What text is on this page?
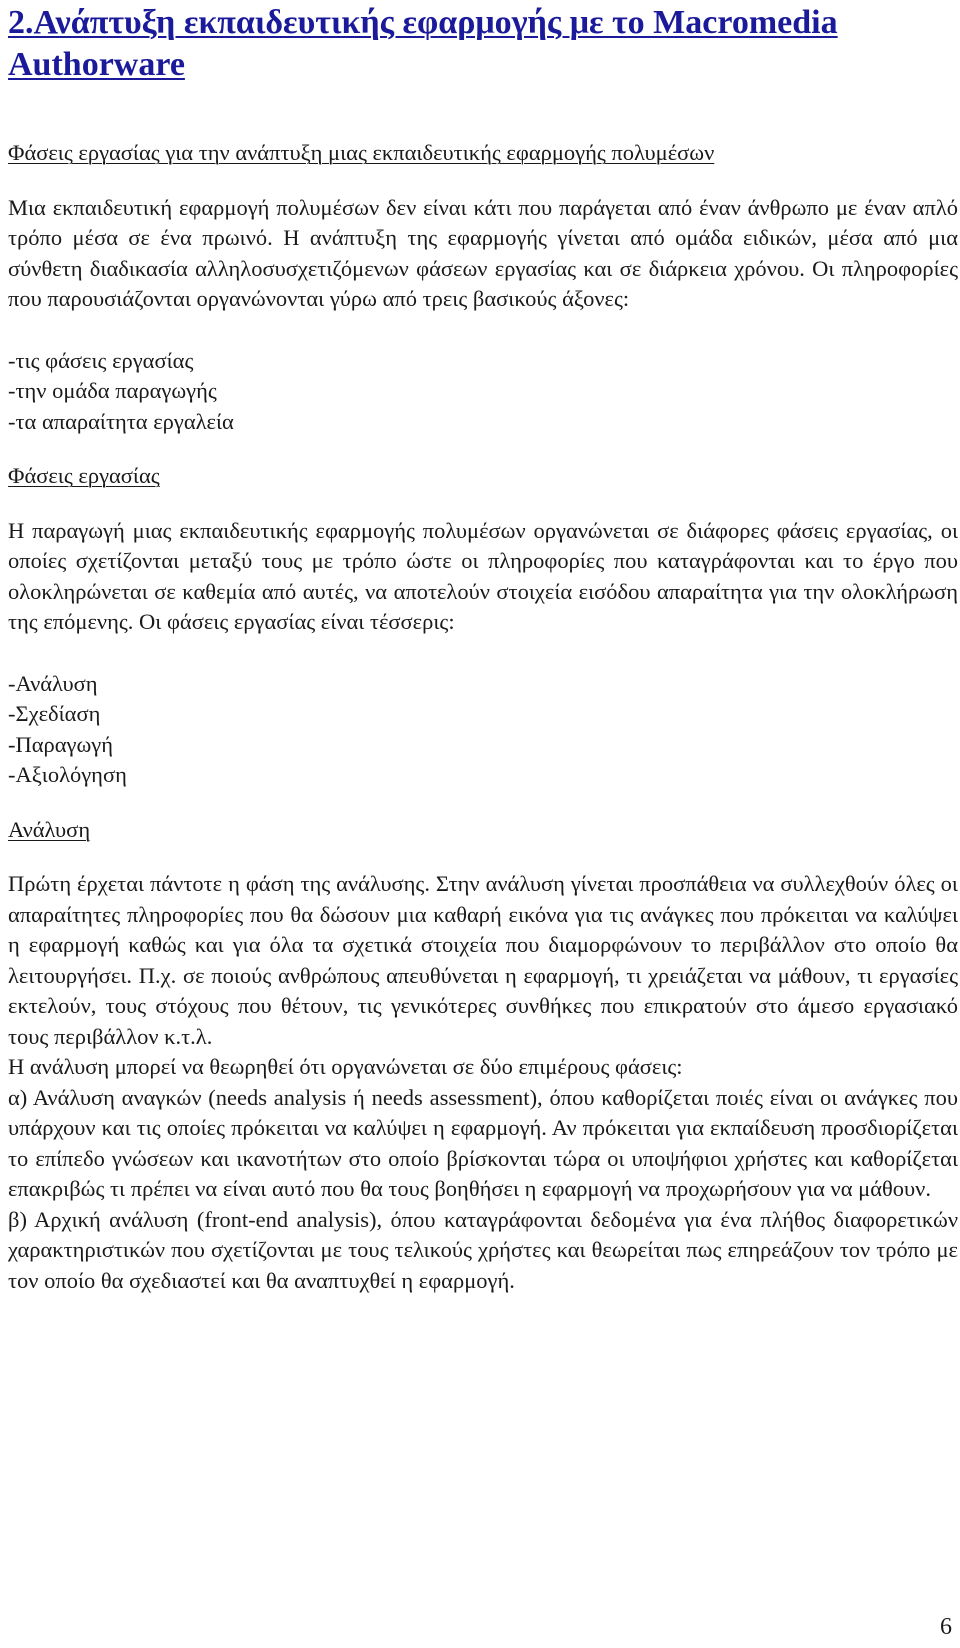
2.Ανάπτυξη εκπαιδευτικής εφαρμογής με το Macromedia Authorware
Φάσεις εργασίας για την ανάπτυξη μιας εκπαιδευτικής εφαρμογής πολυμέσων

Μια εκπαιδευτική εφαρμογή πολυμέσων δεν είναι κάτι που παράγεται από έναν άνθρωπο με έναν απλό τρόπο μέσα σε ένα πρωινό. Η ανάπτυξη της εφαρμογής γίνεται από ομάδα ειδικών, μέσα από μια σύνθετη διαδικασία αλληλοσυσχετιζόμενων φάσεων εργασίας και σε διάρκεια χρόνου. Οι πληροφορίες που παρουσιάζονται οργανώνονται γύρω από τρεις βασικούς άξονες:

-τις φάσεις εργασίας
-την ομάδα παραγωγής
-τα απαραίτητα εργαλεία
Φάσεις εργασίας

Η παραγωγή μιας εκπαιδευτικής εφαρμογής πολυμέσων οργανώνεται σε διάφορες φάσεις εργασίας, οι οποίες σχετίζονται μεταξύ τους με τρόπο ώστε οι πληροφορίες που καταγράφονται και το έργο που ολοκληρώνεται σε καθεμία από αυτές, να αποτελούν στοιχεία εισόδου απαραίτητα για την ολοκλήρωση της επόμενης. Οι φάσεις εργασίας είναι τέσσερις:

-Ανάλυση
-Σχεδίαση
-Παραγωγή
-Αξιολόγηση
Ανάλυση

Πρώτη έρχεται πάντοτε η φάση της ανάλυσης. Στην ανάλυση γίνεται προσπάθεια να συλλεχθούν όλες οι απαραίτητες πληροφορίες που θα δώσουν μια καθαρή εικόνα για τις ανάγκες που πρόκειται να καλύψει η εφαρμογή καθώς και για όλα τα σχετικά στοιχεία που διαμορφώνουν το περιβάλλον στο οποίο θα λειτουργήσει. Π.χ. σε ποιούς ανθρώπους απευθύνεται η εφαρμογή, τι χρειάζεται να μάθουν, τι εργασίες εκτελούν, τους στόχους που θέτουν, τις γενικότερες συνθήκες που επικρατούν στο άμεσο εργασιακό τους περιβάλλον κ.τ.λ.

Η ανάλυση μπορεί να θεωρηθεί ότι οργανώνεται σε δύο επιμέρους φάσεις:

α) Ανάλυση αναγκών (needs analysis ή needs assessment), όπου καθορίζεται ποιές είναι οι ανάγκες που υπάρχουν και τις οποίες πρόκειται να καλύψει η εφαρμογή. Αν πρόκειται για εκπαίδευση προσδιορίζεται το επίπεδο γνώσεων και ικανοτήτων στο οποίο βρίσκονται τώρα οι υποψήφιοι χρήστες και καθορίζεται επακριβώς τι πρέπει να είναι αυτό που θα τους βοηθήσει η εφαρμογή να προχωρήσουν για να μάθουν.

β) Αρχική ανάλυση (front-end analysis), όπου καταγράφονται δεδομένα για ένα πλήθος διαφορετικών χαρακτηριστικών που σχετίζονται με τους τελικούς χρήστες και θεωρείται πως επηρεάζουν τον τρόπο με τον οποίο θα σχεδιαστεί και θα αναπτυχθεί η εφαρμογή.

6
